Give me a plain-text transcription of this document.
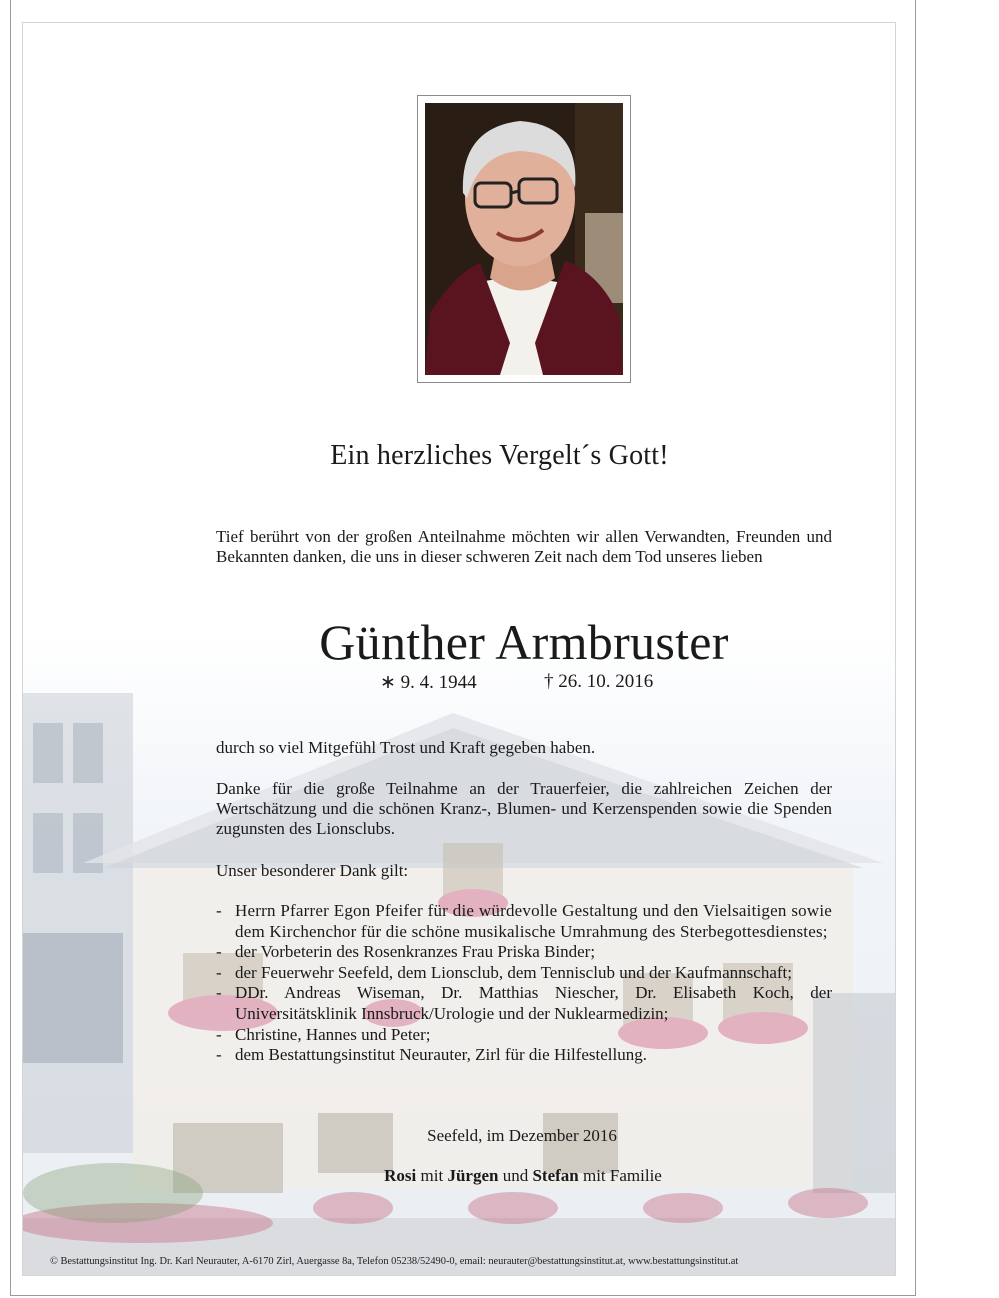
Ein herzliches Vergelt´s Gott!
Tief berührt von der großen Anteilnahme möchten wir allen Verwandten, Freunden und Bekannten danken, die uns in dieser schweren Zeit nach dem Tod unseres lieben
Günther Armbruster
∗ 9. 4. 1944	† 26. 10. 2016
durch so viel Mitgefühl Trost und Kraft gegeben haben.
Danke für die große Teilnahme an der Trauerfeier, die zahlreichen Zeichen der Wertschätzung und die schönen Kranz-, Blumen- und Kerzenspenden sowie die Spenden zugunsten des Lionsclubs.
Unser besonderer Dank gilt:
- Herrn Pfarrer Egon Pfeifer für die würdevolle Gestaltung und den Vielsaitigen sowie dem Kirchenchor für die schöne musikalische Umrahmung des Sterbegottesdienstes;
- der Vorbeterin des Rosenkranzes Frau Priska Binder;
- der Feuerwehr Seefeld, dem Lionsclub, dem Tennisclub und der Kaufmannschaft;
- DDr. Andreas Wiseman, Dr. Matthias Niescher, Dr. Elisabeth Koch, der Universitätsklinik Innsbruck/Urologie und der Nuklearmedizin;
- Christine, Hannes und Peter;
- dem Bestattungsinstitut Neurauter, Zirl für die Hilfestellung.
Seefeld, im Dezember 2016
Rosi mit Jürgen und Stefan mit Familie
© Bestattungsinstitut Ing. Dr. Karl Neurauter, A-6170 Zirl, Auergasse 8a, Telefon 05238/52490-0, email: neurauter@bestattungsinstitut.at, www.bestattungsinstitut.at
